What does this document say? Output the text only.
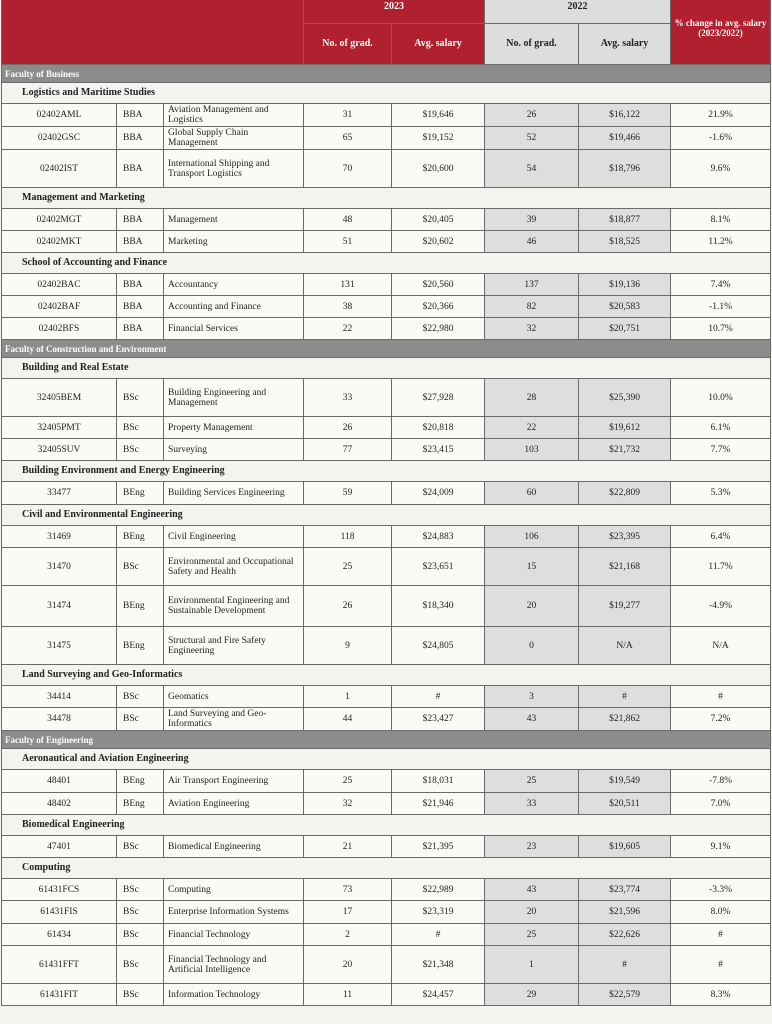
			2023		2022		% change in avg. salary (2023/2022)
			No. of grad.	Avg. salary	No. of grad.	Avg. salary	
Faculty of Business							
Logistics and Maritime Studies							
02402AML	BBA	Aviation Management and Logistics	31	$19,646	26	$16,122	21.9%
02402GSC	BBA	Global Supply Chain Management	65	$19,152	52	$19,466	-1.6%
02402IST	BBA	International Shipping and Transport Logistics	70	$20,600	54	$18,796	9.6%
Management and Marketing							
02402MGT	BBA	Management	48	$20,405	39	$18,877	8.1%
02402MKT	BBA	Marketing	51	$20,602	46	$18,525	11.2%
School of Accounting and Finance							
02402BAC	BBA	Accountancy	131	$20,560	137	$19,136	7.4%
02402BAF	BBA	Accounting and Finance	38	$20,366	82	$20,583	-1.1%
02402BFS	BBA	Financial Services	22	$22,980	32	$20,751	10.7%
Faculty of Construction and Environment							
Building and Real Estate							
32405BEM	BSc	Building Engineering and Management	33	$27,928	28	$25,390	10.0%
32405PMT	BSc	Property Management	26	$20,818	22	$19,612	6.1%
32405SUV	BSc	Surveying	77	$23,415	103	$21,732	7.7%
Building Environment and Energy Engineering							
33477	BEng	Building Services Engineering	59	$24,009	60	$22,809	5.3%
Civil and Environmental Engineering							
31469	BEng	Civil Engineering	118	$24,883	106	$23,395	6.4%
31470	BSc	Environmental and Occupational Safety and Health	25	$23,651	15	$21,168	11.7%
31474	BEng	Environmental Engineering and Sustainable Development	26	$18,340	20	$19,277	-4.9%
31475	BEng	Structural and Fire Safety Engineering	9	$24,805	0	N/A	N/A
Land Surveying and Geo-Informatics							
34414	BSc	Geomatics	1	#	3	#	#
34478	BSc	Land Surveying and Geo-Informatics	44	$23,427	43	$21,862	7.2%
Faculty of Engineering							
Aeronautical and Aviation Engineering							
48401	BEng	Air Transport Engineering	25	$18,031	25	$19,549	-7.8%
48402	BEng	Aviation Engineering	32	$21,946	33	$20,511	7.0%
Biomedical Engineering							
47401	BSc	Biomedical Engineering	21	$21,395	23	$19,605	9.1%
Computing							
61431FCS	BSc	Computing	73	$22,989	43	$23,774	-3.3%
61431FIS	BSc	Enterprise Information Systems	17	$23,319	20	$21,596	8.0%
61434	BSc	Financial Technology	2	#	25	$22,626	#
61431FFT	BSc	Financial Technology and Artificial Intelligence	20	$21,348	1	#	#
61431FIT	BSc	Information Technology	11	$24,457	29	$22,579	8.3%
